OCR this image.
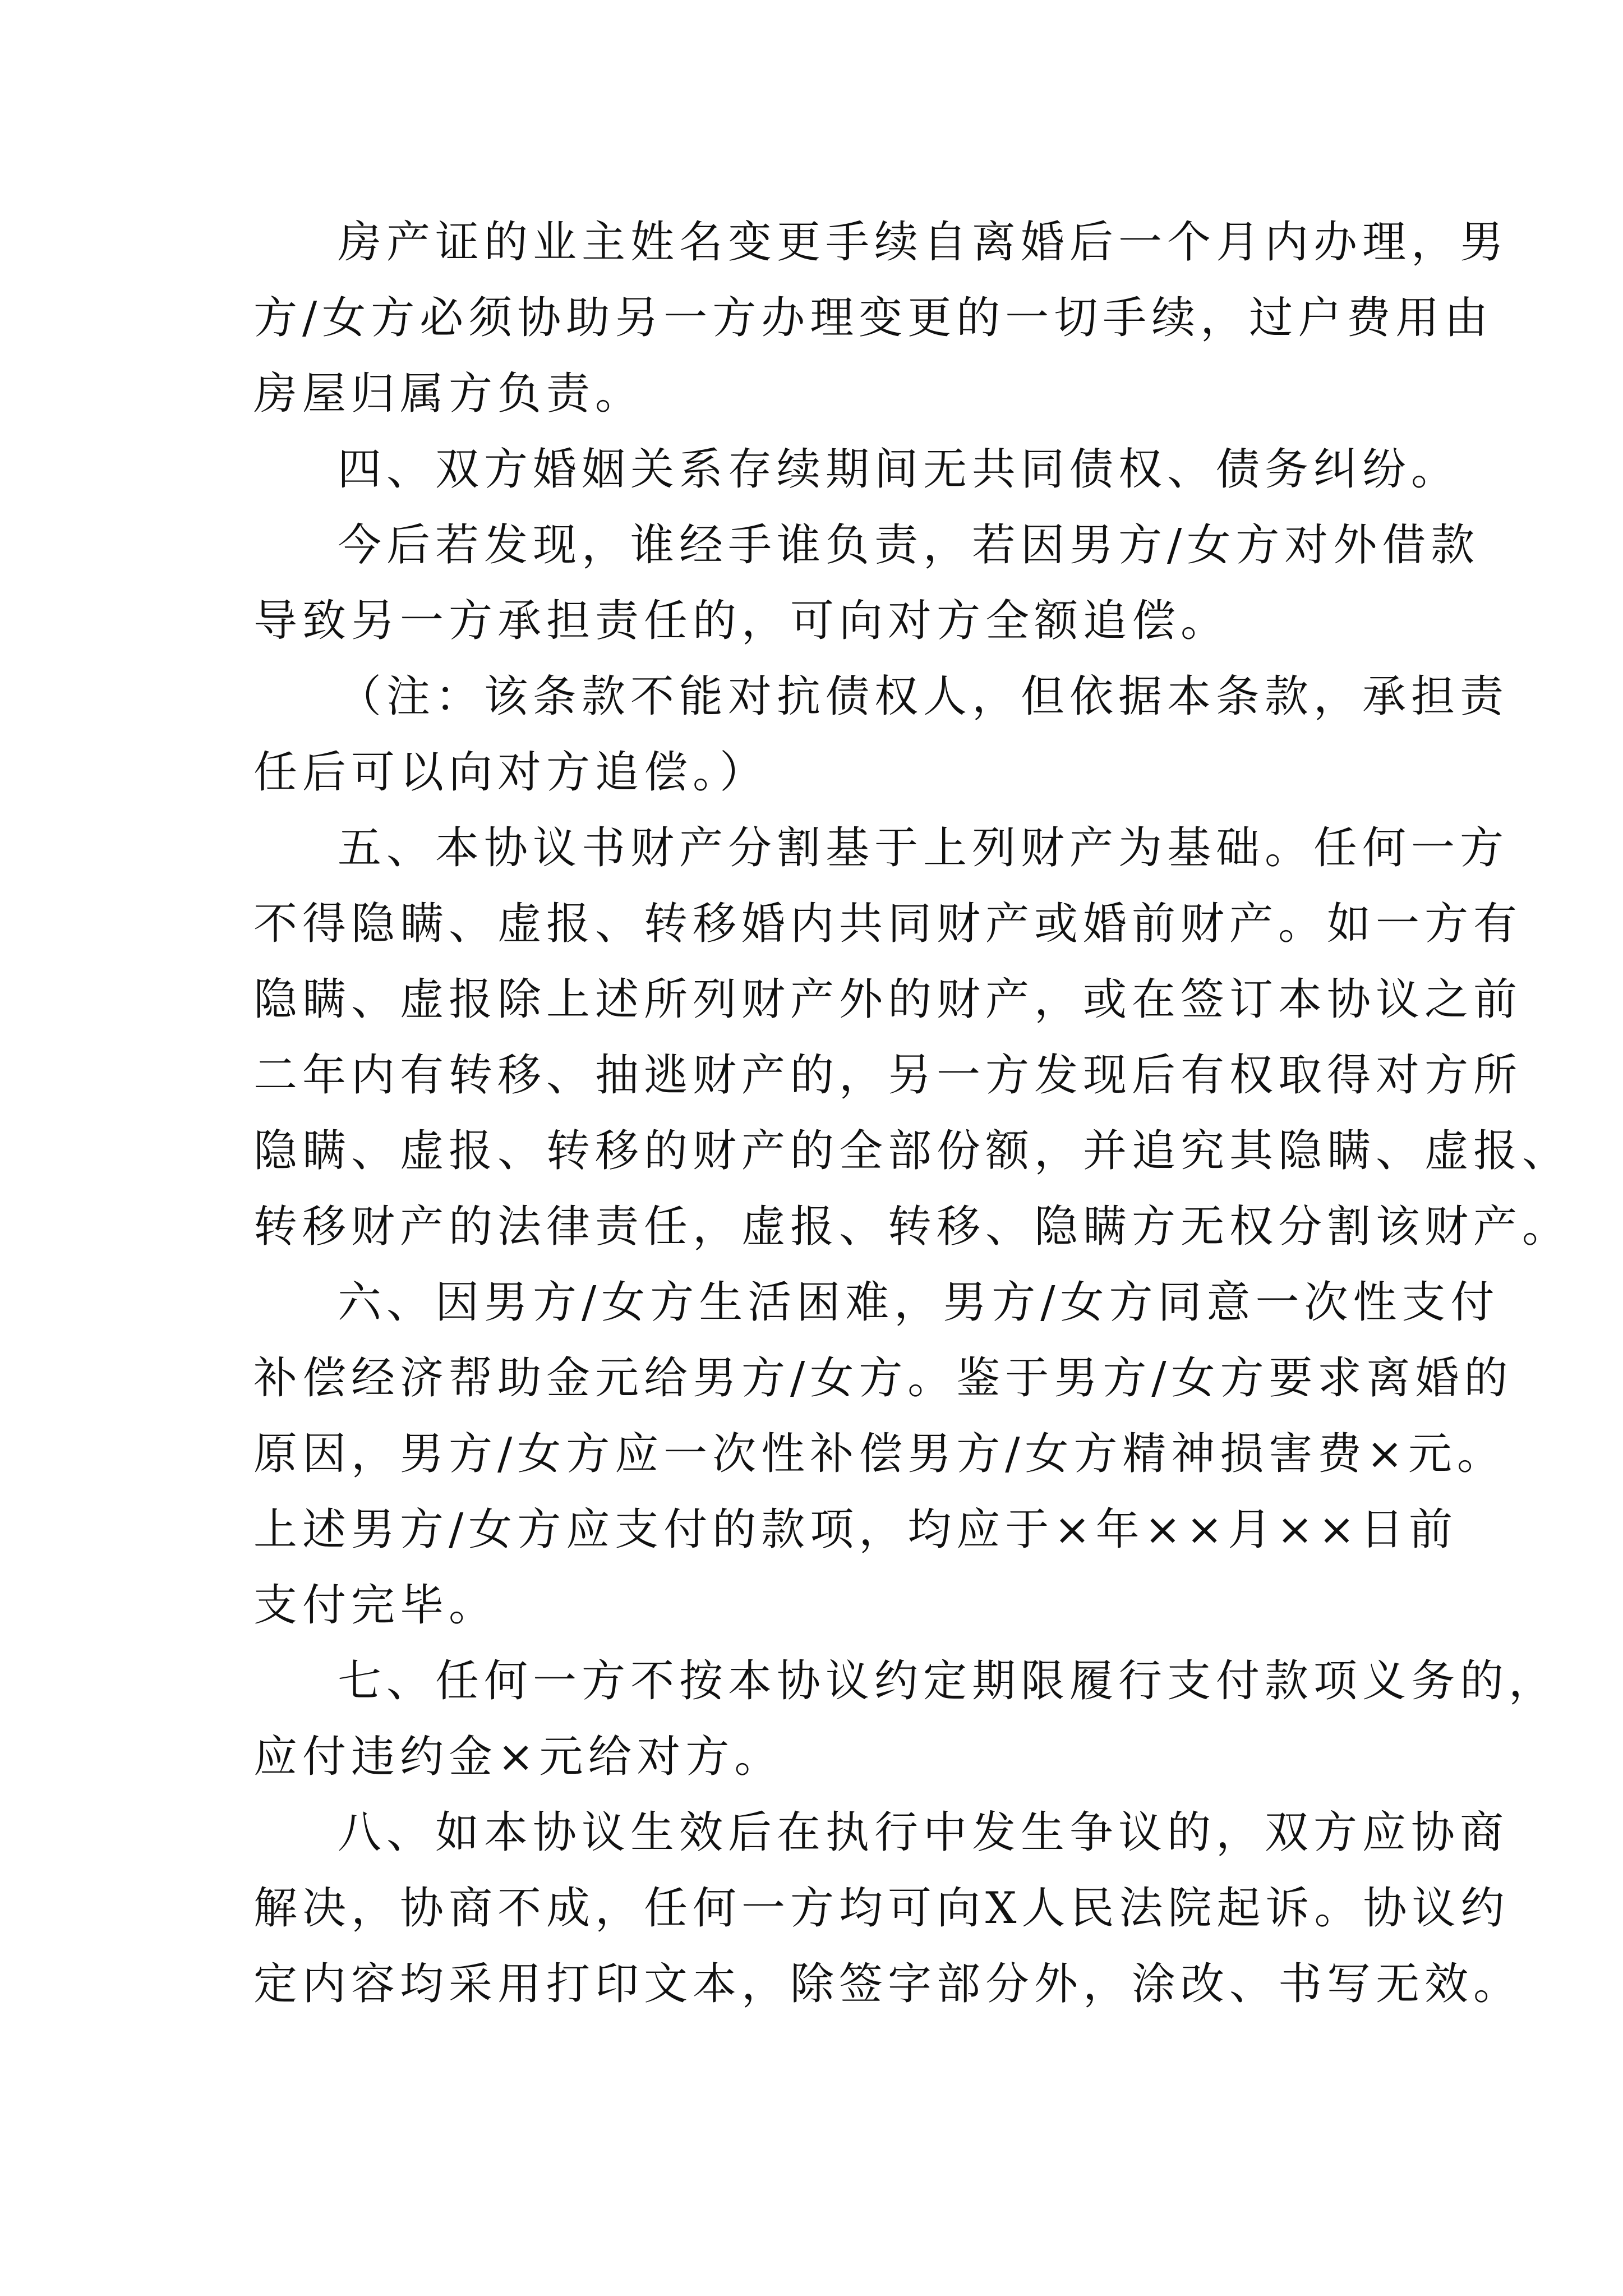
房产证的业主姓名变更手续自离婚后一个月内办理，男
方/女方必须协助另一方办理变更的一切手续，过户费用由
房屋归属方负责。
四、双方婚姻关系存续期间无共同债权、债务纠纷。
今后若发现，谁经手谁负责，若因男方/女方对外借款
导致另一方承担责任的，可向对方全额追偿。
（注：该条款不能对抗债权人，但依据本条款，承担责
任后可以向对方追偿。）
五、本协议书财产分割基于上列财产为基础。任何一方
不得隐瞒、虚报、转移婚内共同财产或婚前财产。如一方有
隐瞒、虚报除上述所列财产外的财产，或在签订本协议之前
二年内有转移、抽逃财产的，另一方发现后有权取得对方所
隐瞒、虚报、转移的财产的全部份额，并追究其隐瞒、虚报、
转移财产的法律责任，虚报、转移、隐瞒方无权分割该财产。
六、因男方/女方生活困难，男方/女方同意一次性支付
补偿经济帮助金元给男方/女方。鉴于男方/女方要求离婚的
原因，男方/女方应一次性补偿男方/女方精神损害费×元。
上述男方/女方应支付的款项，均应于×年××月××日前
支付完毕。
七、任何一方不按本协议约定期限履行支付款项义务的，
应付违约金×元给对方。
八、如本协议生效后在执行中发生争议的，双方应协商
解决，协商不成，任何一方均可向X人民法院起诉。协议约
定内容均采用打印文本，除签字部分外，涂改、书写无效。
